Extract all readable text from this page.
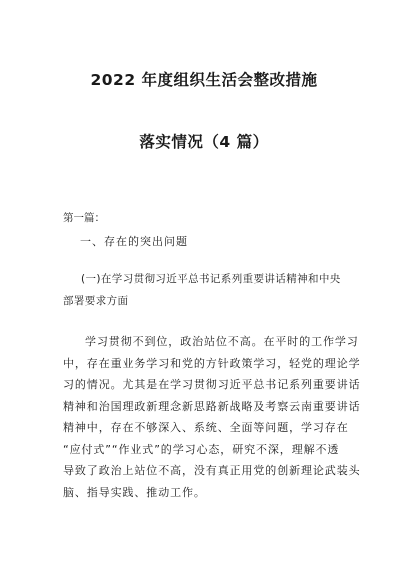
2022 年度组织生活会整改措施
落实情况（4 篇）
第一篇：
一、存在的突出问题
(一)在学习贯彻习近平总书记系列重要讲话精神和中央
部署要求方面
学习贯彻不到位，政治站位不高。在平时的工作学习
中，存在重业务学习和党的方针政策学习，轻党的理论学
习的情况。尤其是在学习贯彻习近平总书记系列重要讲话
精神和治国理政新理念新思路新战略及考察云南重要讲话
精神中，存在不够深入、系统、全面等问题，学习存在
“应付式”“作业式”的学习心态，研究不深，理解不透
导致了政治上站位不高，没有真正用党的创新理论武装头
脑、指导实践、推动工作。
